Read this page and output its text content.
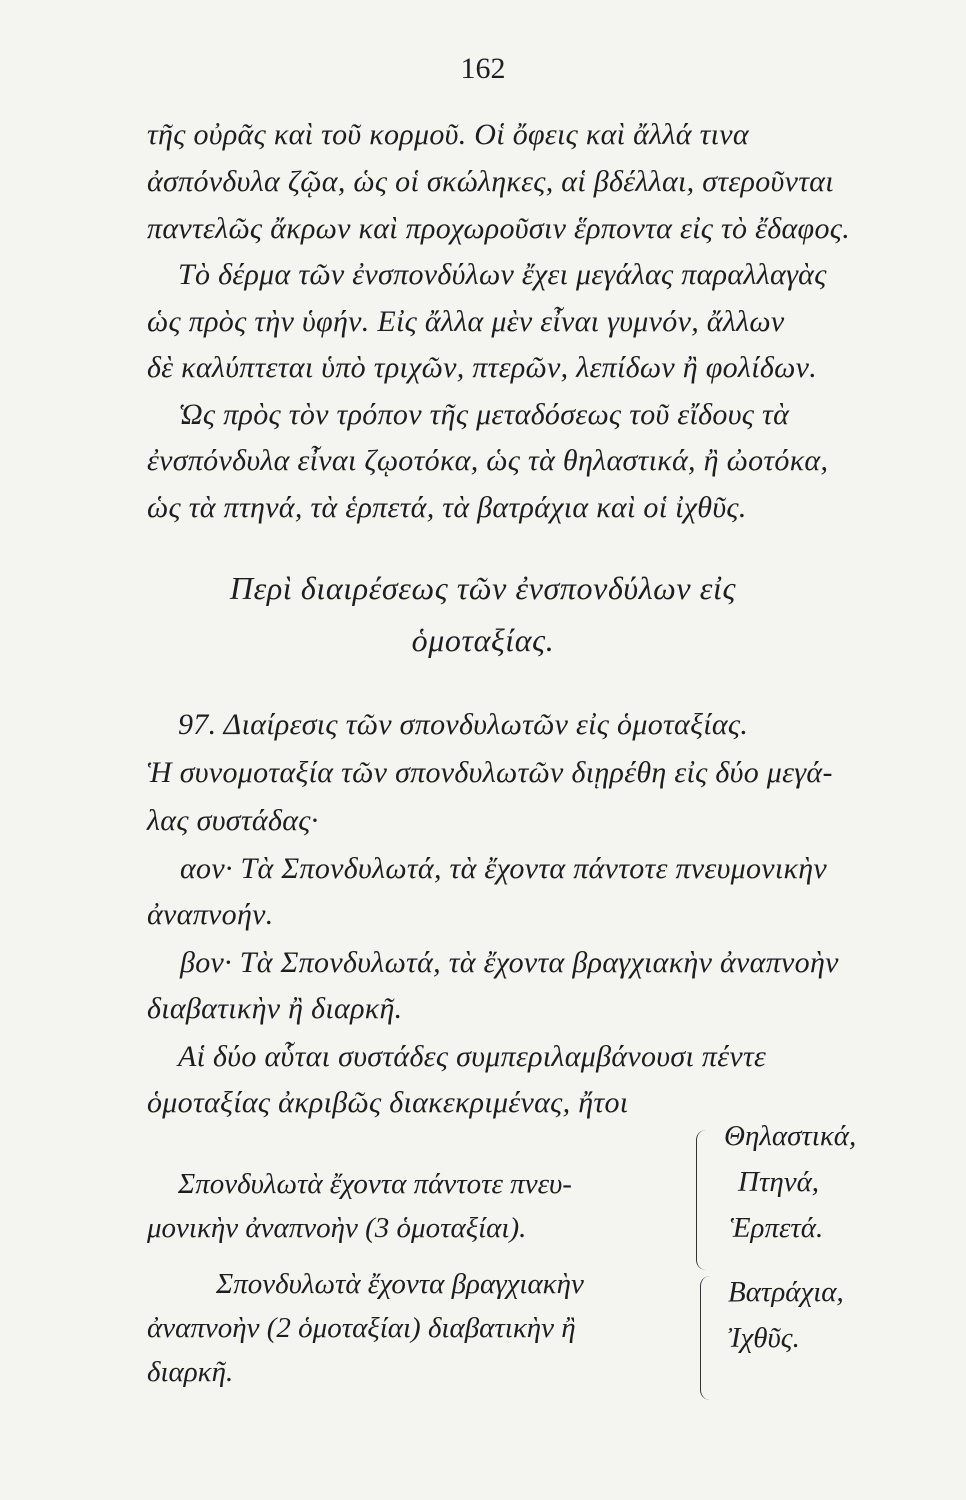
162
τῆς οὐρᾶς καὶ τοῦ κορμοῦ. Οἱ ὄφεις καὶ ἄλλά τινα
ἀσπόνδυλα ζῷα, ὡς οἱ σκώληκες, αἱ βδέλλαι, στεροῦνται
παντελῶς ἄκρων καὶ προχωροῦσιν ἕρποντα εἰς τὸ ἔδαφος.
Τὸ δέρμα τῶν ἐνσπονδύλων ἔχει μεγάλας παραλλαγὰς
ὡς πρὸς τὴν ὑφήν. Εἰς ἄλλα μὲν εἶναι γυμνόν, ἄλλων
δὲ καλύπτεται ὑπὸ τριχῶν, πτερῶν, λεπίδων ἢ φολίδων.
Ὡς πρὸς τὸν τρόπον τῆς μεταδόσεως τοῦ εἴδους τὰ
ἐνσπόνδυλα εἶναι ζῳοτόκα, ὡς τὰ θηλαστικά, ἢ ὠοτόκα,
ὡς τὰ πτηνά, τὰ ἑρπετά, τὰ βατράχια καὶ οἱ ἰχθῦς.
Περὶ διαιρέσεως τῶν ἐνσπονδύλων εἰς
ὁμοταξίας.
97. Διαίρεσις τῶν σπονδυλωτῶν εἰς ὁμοταξίας.
Ἡ συνομοταξία τῶν σπονδυλωτῶν διῃρέθη εἰς δύο μεγά-
λας συστάδας·
αον· Τὰ Σπονδυλωτά, τὰ ἔχοντα πάντοτε πνευμονικὴν
ἀναπνοήν.
βον· Τὰ Σπονδυλωτά, τὰ ἔχοντα βραγχιακὴν ἀναπνοὴν
διαβατικὴν ἢ διαρκῆ.
Αἱ δύο αὗται συστάδες συμπεριλαμβάνουσι πέντε
ὁμοταξίας ἀκριβῶς διακεκριμένας, ἤτοι
Σπονδυλωτὰ ἔχοντα πάντοτε πνευ-
μονικὴν ἀναπνοὴν (3 ὁμοταξίαι).
Θηλαστικά,
Πτηνά,
Ἑρπετά.
Σπονδυλωτὰ ἔχοντα βραγχιακὴν
ἀναπνοὴν (2 ὁμοταξίαι) διαβατικὴν ἢ
διαρκῆ.
Βατράχια,
Ἰχθῦς.
